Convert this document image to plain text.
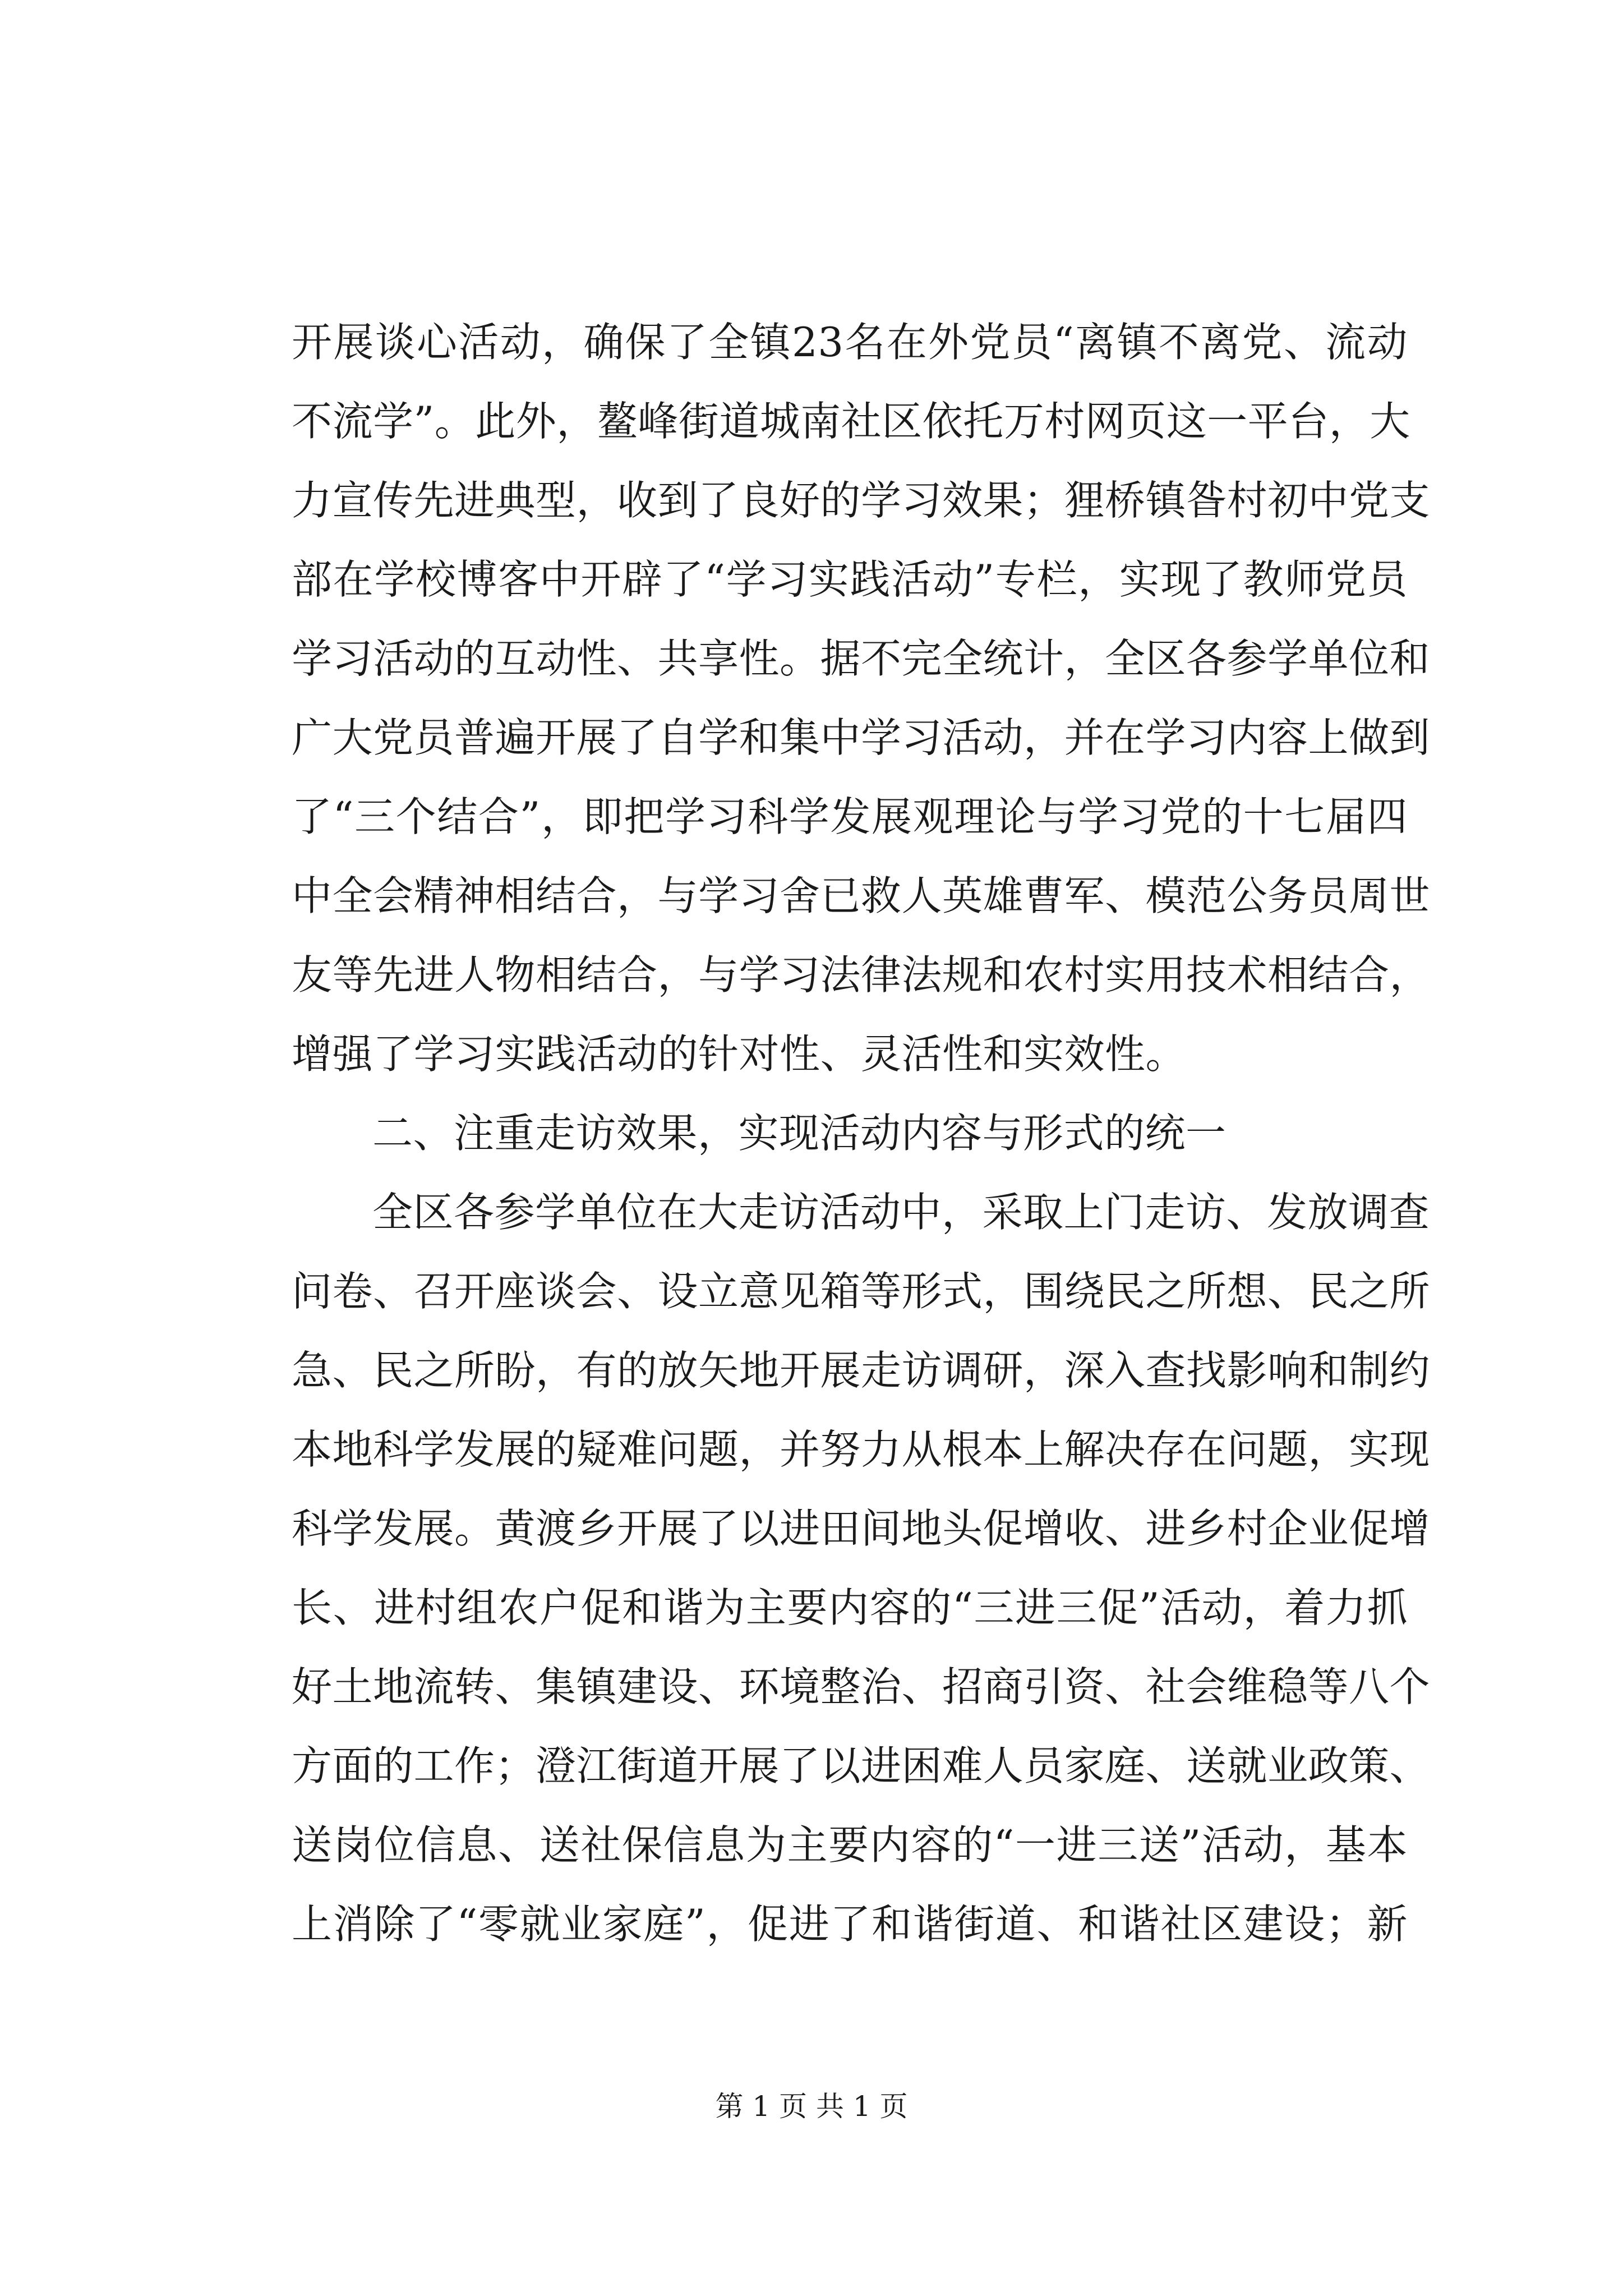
开展谈心活动，确保了全镇23名在外党员“离镇不离党、流动
不流学”。此外，鳌峰街道城南社区依托万村网页这一平台，大
力宣传先进典型，收到了良好的学习效果；狸桥镇昝村初中党支
部在学校博客中开辟了“学习实践活动”专栏，实现了教师党员
学习活动的互动性、共享性。据不完全统计，全区各参学单位和
广大党员普遍开展了自学和集中学习活动，并在学习内容上做到
了“三个结合”，即把学习科学发展观理论与学习党的十七届四
中全会精神相结合，与学习舍已救人英雄曹军、模范公务员周世
友等先进人物相结合，与学习法律法规和农村实用技术相结合，
增强了学习实践活动的针对性、灵活性和实效性。
二、注重走访效果，实现活动内容与形式的统一
全区各参学单位在大走访活动中，采取上门走访、发放调查
问卷、召开座谈会、设立意见箱等形式，围绕民之所想、民之所
急、民之所盼，有的放矢地开展走访调研，深入查找影响和制约
本地科学发展的疑难问题，并努力从根本上解决存在问题，实现
科学发展。黄渡乡开展了以进田间地头促增收、进乡村企业促增
长、进村组农户促和谐为主要内容的“三进三促”活动，着力抓
好土地流转、集镇建设、环境整治、招商引资、社会维稳等八个
方面的工作；澄江街道开展了以进困难人员家庭、送就业政策、
送岗位信息、送社保信息为主要内容的“一进三送”活动，基本
上消除了“零就业家庭”，促进了和谐街道、和谐社区建设；新
第 1 页 共 1 页
